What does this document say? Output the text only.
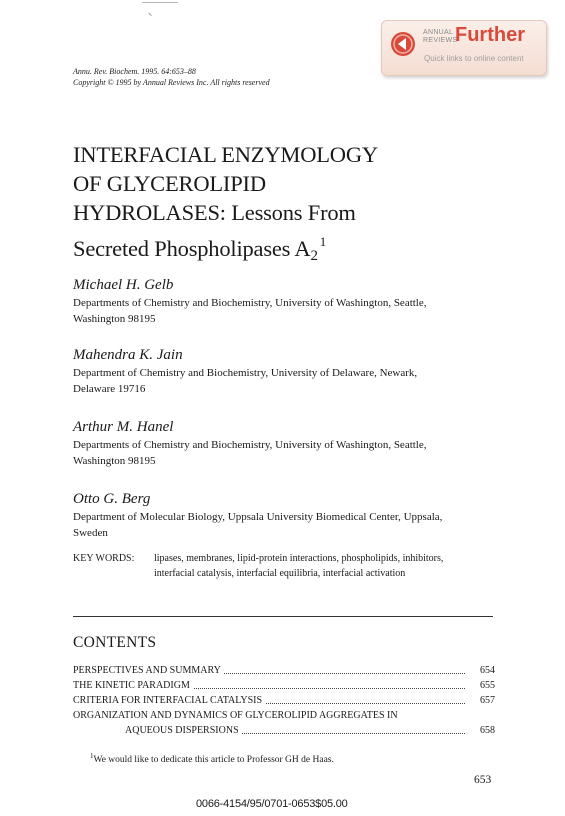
ANNUAL
REVIEWS
Further
Quick links to online content
Annu. Rev. Biochem. 1995. 64:653–88
Copyright © 1995 by Annual Reviews Inc. All rights reserved
INTERFACIAL ENZYMOLOGY
OF GLYCEROLIPID
HYDROLASES: Lessons From
Secreted Phospholipases $A_2^1$
Michael H. Gelb
Departments of Chemistry and Biochemistry, University of Washington, Seattle,
Washington 98195
Mahendra K. Jain
Department of Chemistry and Biochemistry, University of Delaware, Newark,
Delaware 19716
Arthur M. Hanel
Departments of Chemistry and Biochemistry, University of Washington, Seattle,
Washington 98195
Otto G. Berg
Department of Molecular Biology, Uppsala University Biomedical Center, Uppsala,
Sweden
KEY WORDS: lipases, membranes, lipid-protein interactions, phospholipids, inhibitors,
interfacial catalysis, interfacial equilibria, interfacial activation
CONTENTS
PERSPECTIVES AND SUMMARY	654
THE KINETIC PARADIGM	655
CRITERIA FOR INTERFACIAL CATALYSIS	657
ORGANIZATION AND DYNAMICS OF GLYCEROLIPID AGGREGATES IN
AQUEOUS DISPERSIONS	658
$^1$We would like to dedicate this article to Professor GH de Haas.
653
0066-4154/95/0701-0653$05.00
